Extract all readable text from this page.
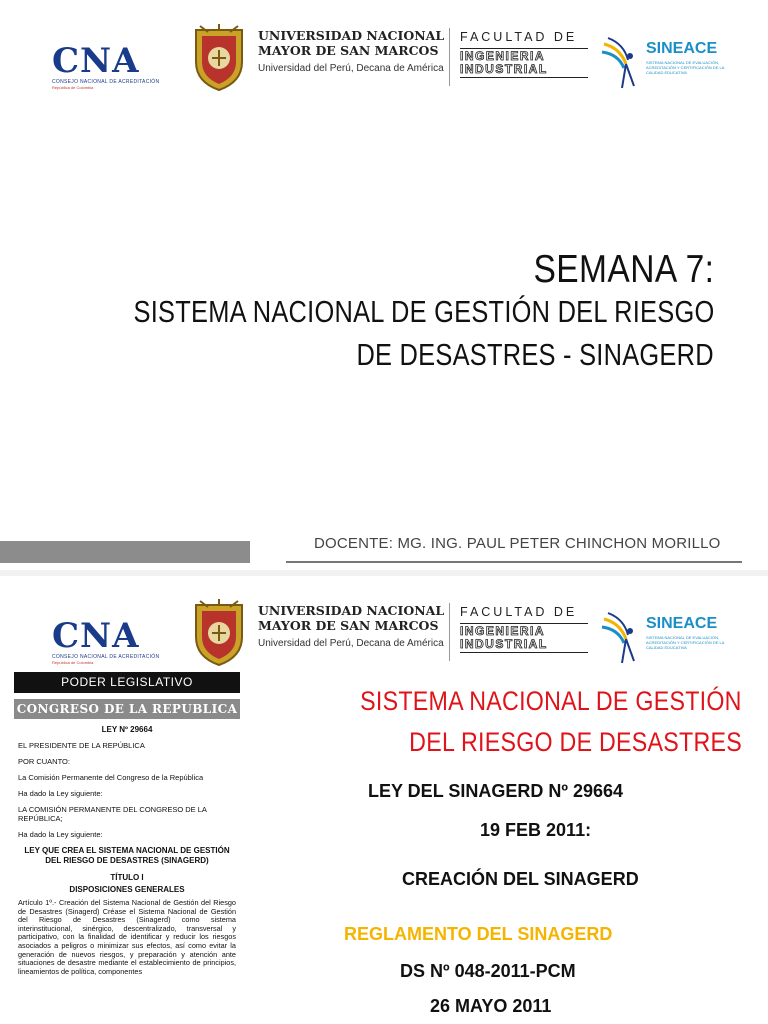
CNA
CONSEJO NACIONAL DE ACREDITACIÓN
República de Colombia
UNIVERSIDAD NACIONAL
MAYOR DE SAN MARCOS
Universidad del Perú, Decana de América
FACULTAD DE
INGENIERIA
INDUSTRIAL
SINEACE
SISTEMA NACIONAL DE EVALUACIÓN, ACREDITACIÓN Y CERTIFICACIÓN DE LA CALIDAD EDUCATIVA
SEMANA 7:
SISTEMA NACIONAL DE GESTIÓN DEL RIESGO
DE DESASTRES - SINAGERD
DOCENTE: MG. ING. PAUL PETER CHINCHON MORILLO
CNA
CONSEJO NACIONAL DE ACREDITACIÓN
República de Colombia
UNIVERSIDAD NACIONAL
MAYOR DE SAN MARCOS
Universidad del Perú, Decana de América
FACULTAD DE
INGENIERIA
INDUSTRIAL
SINEACE
SISTEMA NACIONAL DE EVALUACIÓN, ACREDITACIÓN Y CERTIFICACIÓN DE LA CALIDAD EDUCATIVA
PODER LEGISLATIVO
CONGRESO DE LA REPUBLICA

LEY Nº 29664

EL PRESIDENTE DE LA REPÚBLICA

POR CUANTO:

La Comisión Permanente del Congreso de la República

Ha dado la Ley siguiente:

LA COMISIÓN PERMANENTE DEL CONGRESO DE LA REPÚBLICA;

Ha dado la Ley siguiente:

LEY QUE CREA EL SISTEMA NACIONAL DE GESTIÓN DEL RIESGO DE DESASTRES (SINAGERD)

TÍTULO I

DISPOSICIONES GENERALES

Artículo 1º.- Creación del Sistema Nacional de Gestión del Riesgo de Desastres (Sinagerd) Créase el Sistema Nacional de Gestión del Riesgo de Desastres (Sinagerd) como sistema interinstitucional, sinérgico, descentralizado, transversal y participativo, con la finalidad de identificar y reducir los riesgos asociados a peligros o minimizar sus efectos, así como evitar la generación de nuevos riesgos, y preparación y atención ante situaciones de desastre mediante el establecimiento de principios, lineamientos de política, componentes

SISTEMA NACIONAL DE GESTIÓN
DEL RIESGO DE DESASTRES
LEY DEL SINAGERD Nº 29664
19 FEB 2011:
CREACIÓN DEL SINAGERD
REGLAMENTO DEL SINAGERD
DS Nº 048-2011-PCM
26 MAYO 2011
